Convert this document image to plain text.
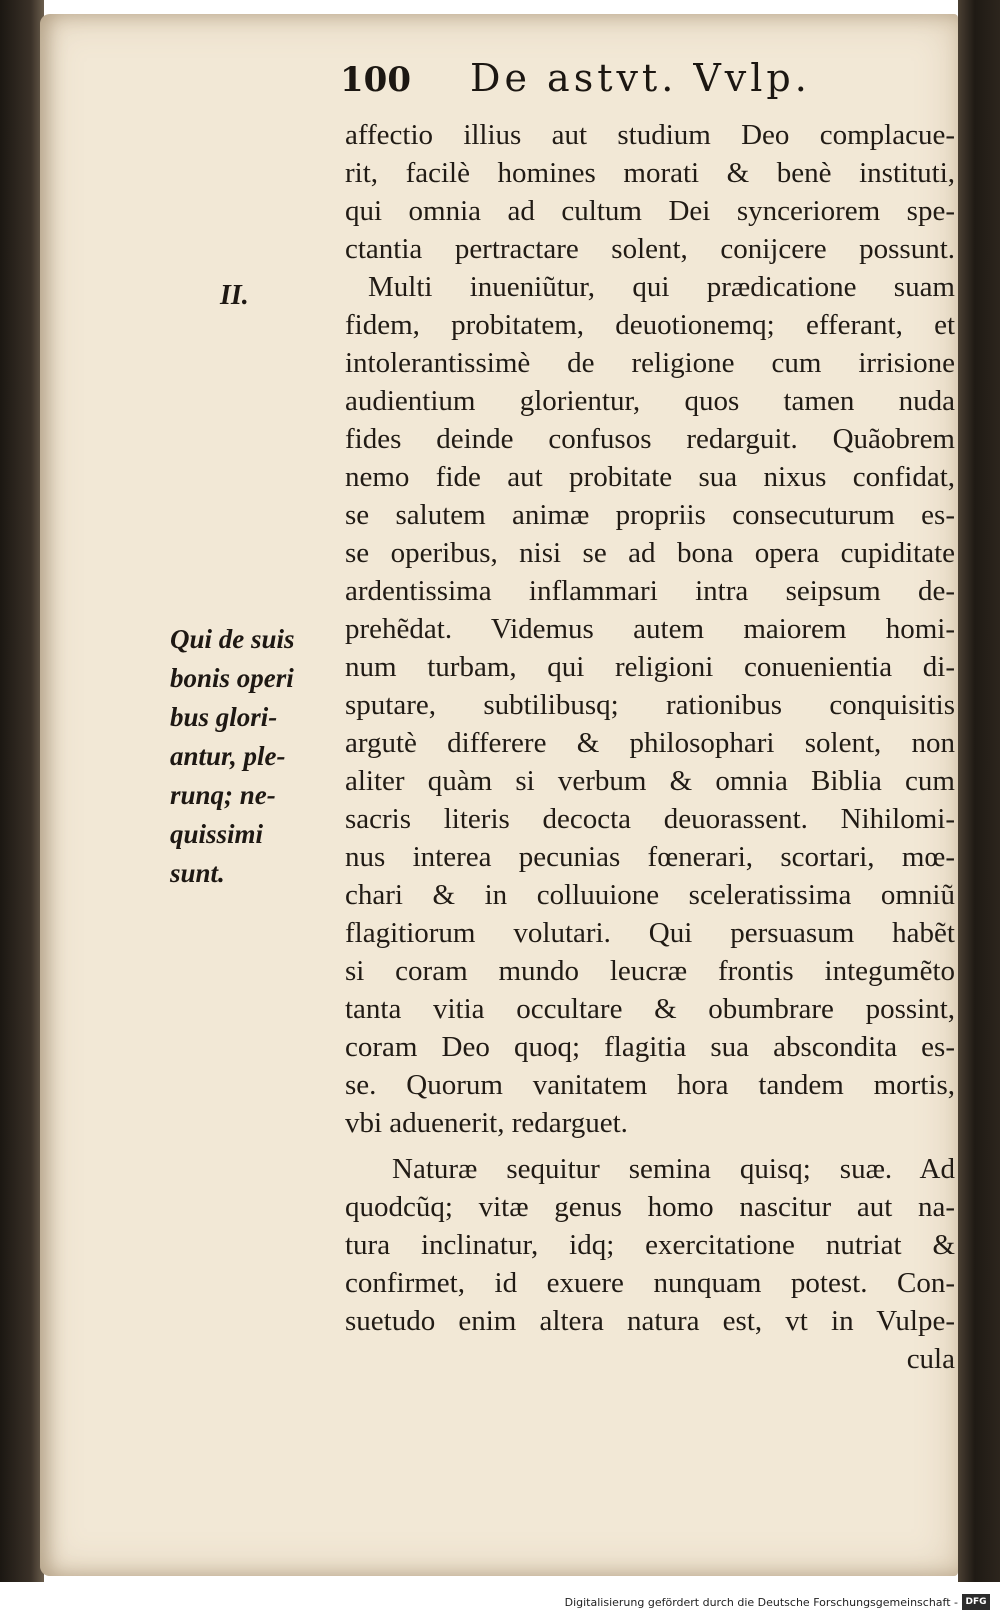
100 De astvt. Vvlp.
II.
Qui de suis
bonis operi
bus glori-
antur, ple-
runq; ne-
quissimi
sunt.
affectio illius aut studium Deo complacue-
rit, facilè homines morati & benè instituti,
qui omnia ad cultum Dei synceriorem spe-
ctantia pertractare solent, conijcere possunt.
Multi inueniũtur, qui prædicatione suam
fidem, probitatem, deuotionemq; efferant, et
intolerantissimè de religione cum irrisione
audientium glorientur, quos tamen nuda
fides deinde confusos redarguit. Quãobrem
nemo fide aut probitate sua nixus confidat,
se salutem animæ propriis consecuturum es-
se operibus, nisi se ad bona opera cupiditate
ardentissima inflammari intra seipsum de-
prehẽdat. Videmus autem maiorem homi-
num turbam, qui religioni conuenientia di-
sputare, subtilibusq; rationibus conquisitis
argutè differere & philosophari solent, non
aliter quàm si verbum & omnia Biblia cum
sacris literis decocta deuorassent. Nihilomi-
nus interea pecunias fœnerari, scortari, mœ-
chari & in colluuione sceleratissima omniũ
flagitiorum volutari. Qui persuasum habẽt
si coram mundo leucræ frontis integumẽto
tanta vitia occultare & obumbrare possint,
coram Deo quoq; flagitia sua abscondita es-
se. Quorum vanitatem hora tandem mortis,
vbi aduenerit, redarguet.
Naturæ sequitur semina quisq; suæ. Ad
quodcũq; vitæ genus homo nascitur aut na-
tura inclinatur, idq; exercitatione nutriat &
confirmet, id exuere nunquam potest. Con-
suetudo enim altera natura est, vt in Vulpe-
cula
Digitalisierung gefördert durch die Deutsche Forschungsgemeinschaft - DFG
